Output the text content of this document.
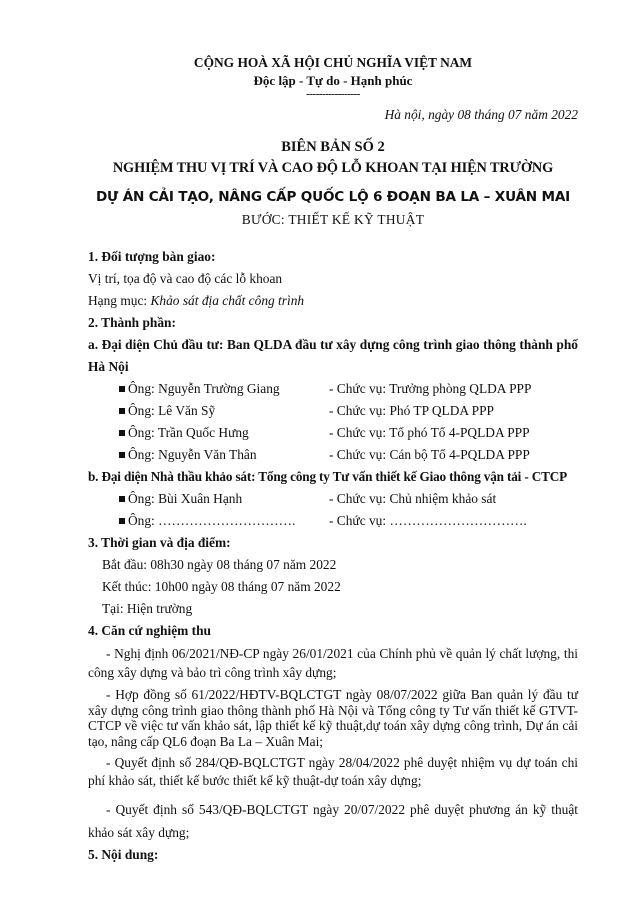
CỘNG HOÀ XÃ HỘI CHỦ NGHĨA VIỆT NAM

Độc lập - Tự do - Hạnh phúc

-----------------

Hà nội, ngày 08 tháng 07 năm 2022

BIÊN BẢN SỐ 2

NGHIỆM THU VỊ TRÍ VÀ CAO ĐỘ LỖ KHOAN TẠI HIỆN TRƯỜNG

DỰ ÁN CẢI TẠO, NÂNG CẤP QUỐC LỘ 6 ĐOẠN BA LA – XUÂN MAI

BƯỚC: THIẾT KẾ KỸ THUẬT

1. Đối tượng bàn giao:

Vị trí, tọa độ và cao độ các lỗ khoan

Hạng mục: Khảo sát địa chất công trình

2. Thành phần:

a. Đại diện Chủ đầu tư: Ban QLDA đầu tư xây dựng công trình giao thông thành phố Hà Nội

Ông: Nguyễn Trường Giang	- Chức vụ: Trưởng phòng QLDA PPP
Ông: Lê Văn Sỹ	- Chức vụ: Phó TP QLDA PPP
Ông: Trần Quốc Hưng	- Chức vụ: Tổ phó Tổ 4-PQLDA PPP
Ông: Nguyễn Văn Thân	- Chức vụ: Cán bộ Tổ 4-PQLDA PPP

b. Đại diện Nhà thầu khảo sát: Tổng công ty Tư vấn thiết kế Giao thông vận tải - CTCP

Ông: Bùi Xuân Hạnh	- Chức vụ: Chủ nhiệm khảo sát
Ông: ………………………….	- Chức vụ: ………………………….

3. Thời gian và địa điểm:

Bắt đầu: 08h30 ngày 08 tháng 07 năm 2022

Kết thúc: 10h00 ngày 08 tháng 07 năm 2022

Tại: Hiện trường

4. Căn cứ nghiệm thu

- Nghị định 06/2021/NĐ-CP ngày 26/01/2021 của Chính phủ về quản lý chất lượng, thi công xây dựng và bảo trì công trình xây dựng;

- Hợp đồng số 61/2022/HĐTV-BQLCTGT ngày 08/07/2022 giữa Ban quản lý đầu tư xây dựng công trình giao thông thành phố Hà Nội và Tổng công ty Tư vấn thiết kế GTVT-CTCP về việc tư vấn khảo sát, lập thiết kế kỹ thuật,dự toán xây dựng công trình, Dự án cải tạo, nâng cấp QL6 đoạn Ba La – Xuân Mai;

- Quyết định số 284/QĐ-BQLCTGT ngày 28/04/2022 phê duyệt nhiệm vụ dự toán chi phí khảo sát, thiết kế bước thiết kế kỹ thuật-dự toán xây dựng;

- Quyết định số 543/QĐ-BQLCTGT ngày 20/07/2022 phê duyệt phương án kỹ thuật khảo sát xây dựng;

5. Nội dung:
